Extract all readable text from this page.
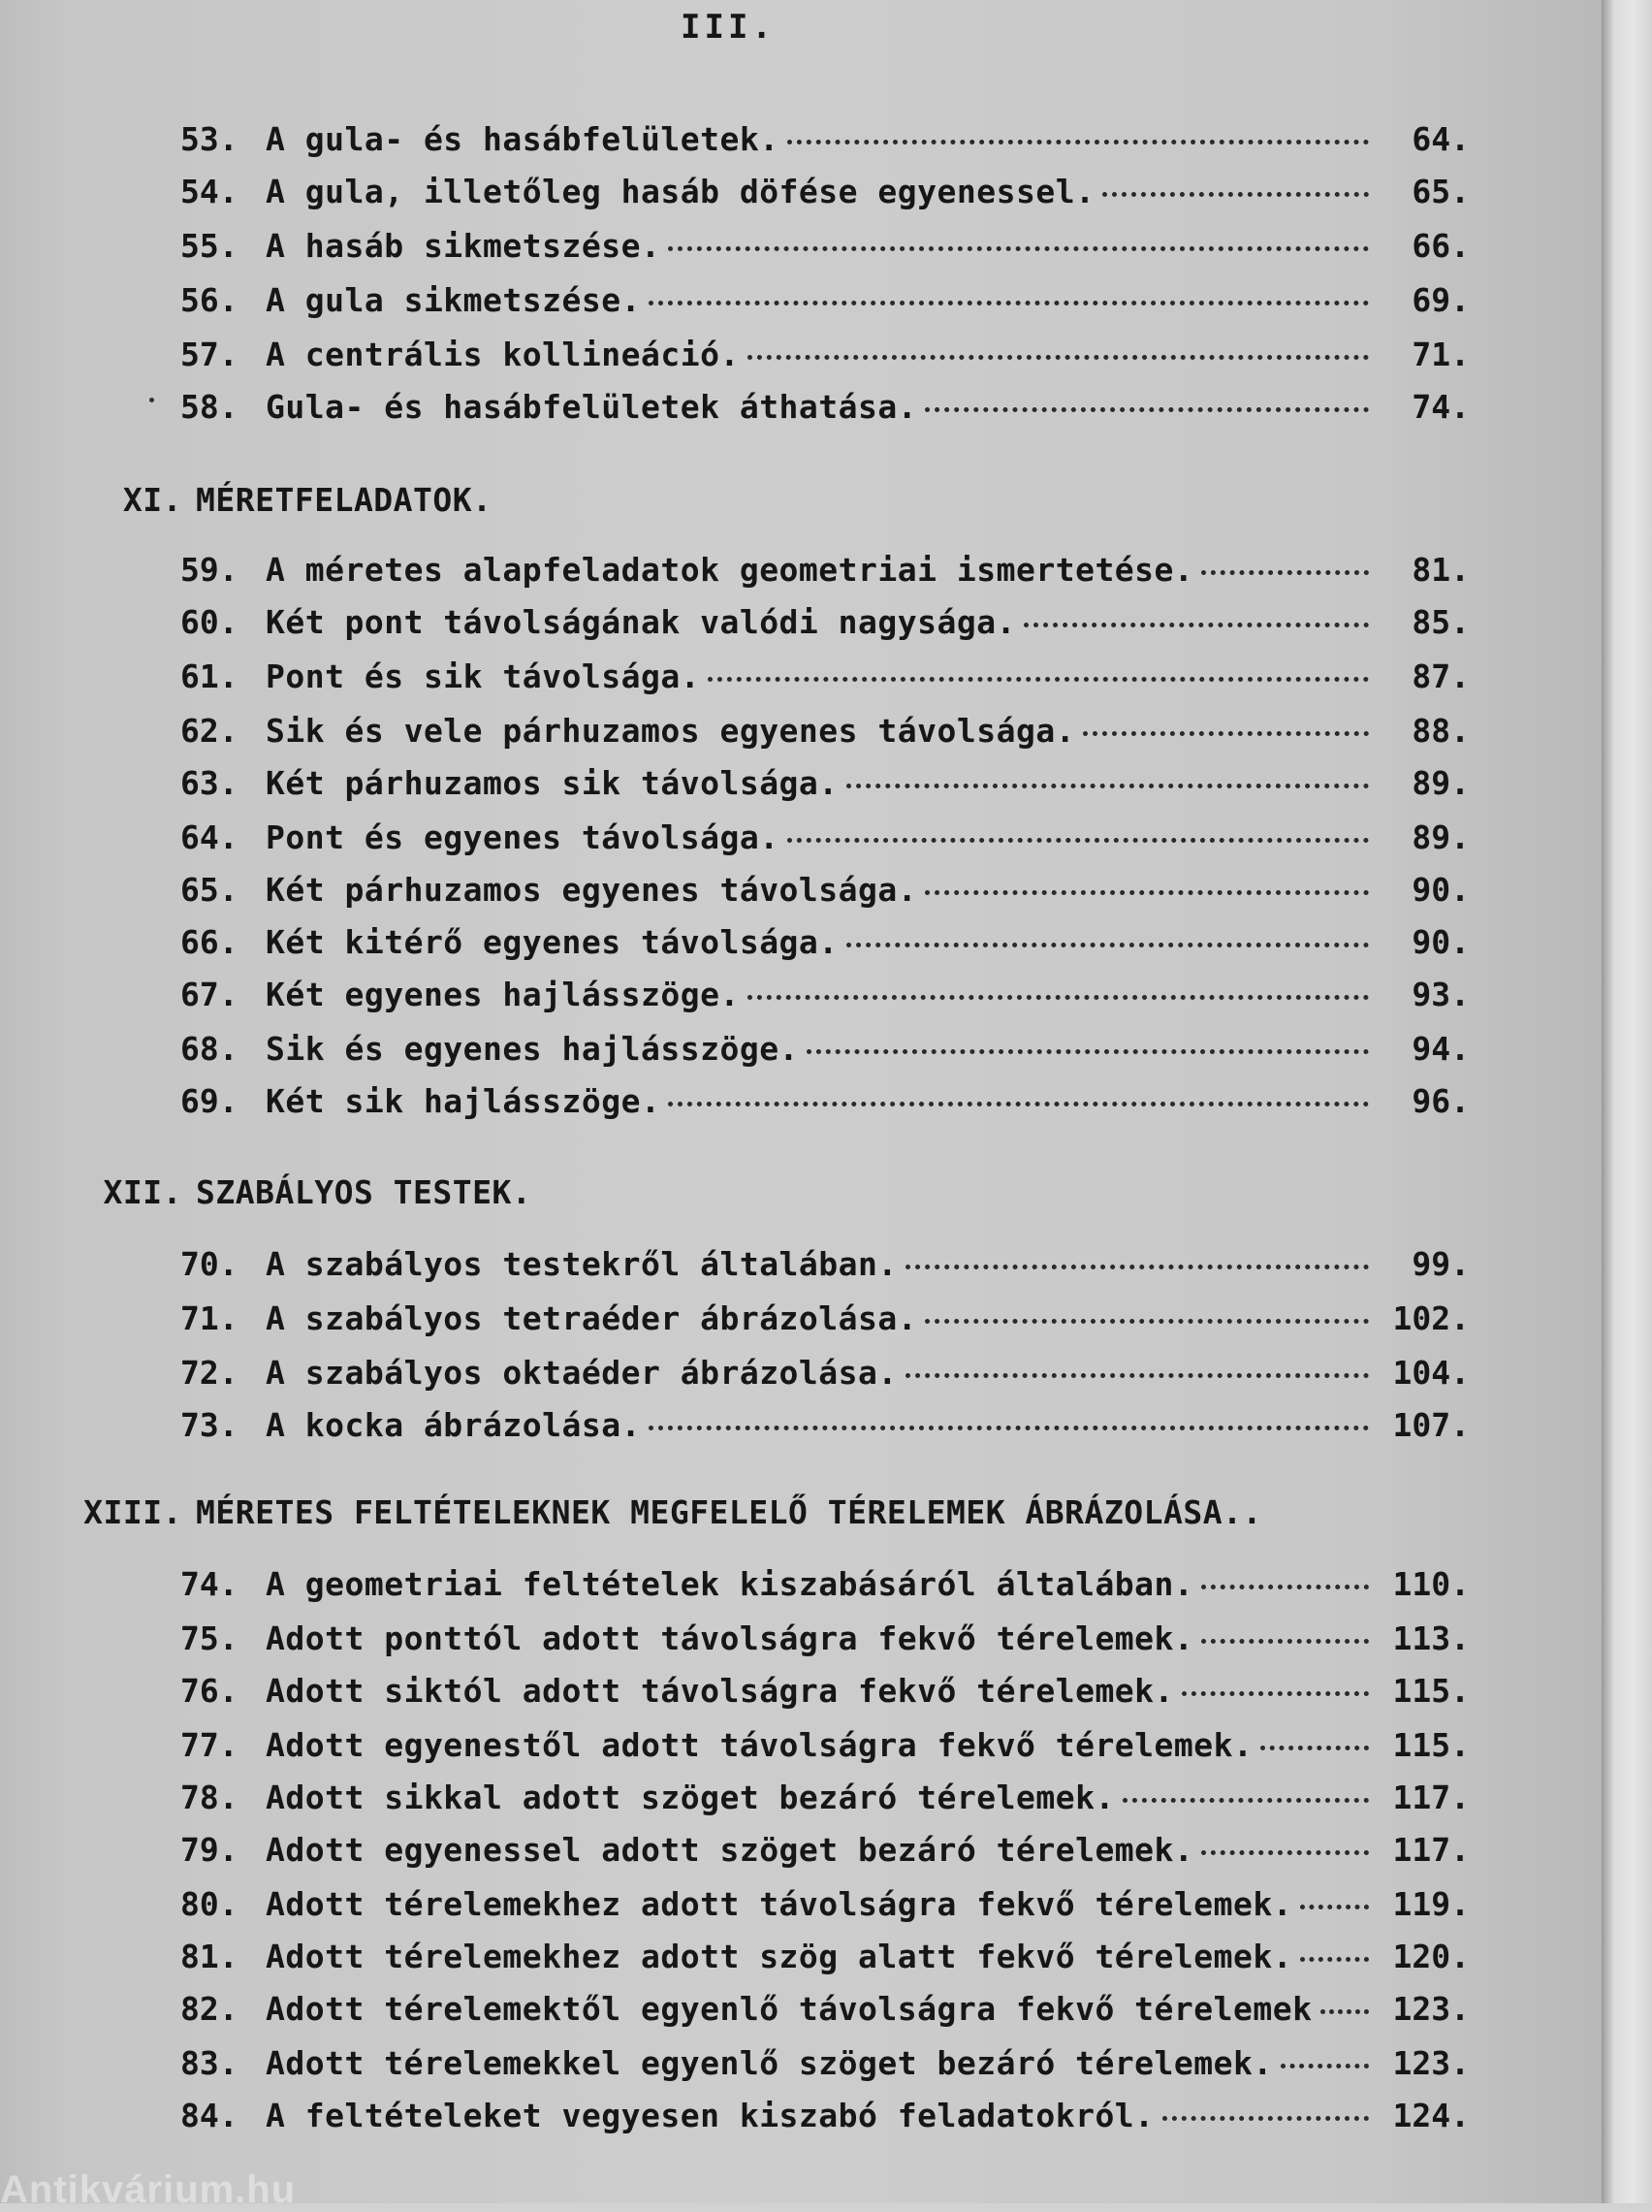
III.
53. A gula- és hasábfelületek.	64.
54. A gula, illetőleg hasáb döfése egyenessel.	65.
55. A hasáb sikmetszése.	66.
56. A gula sikmetszése.	69.
57. A centrális kollineáció.	71.
58. Gula- és hasábfelületek áthatása.	74.
XI. MÉRETFELADATOK.
59. A méretes alapfeladatok geometriai ismertetése.	81.
60. Két pont távolságának valódi nagysága.	85.
61. Pont és sik távolsága.	87.
62. Sik és vele párhuzamos egyenes távolsága.	88.
63. Két párhuzamos sik távolsága.	89.
64. Pont és egyenes távolsága.	89.
65. Két párhuzamos egyenes távolsága.	90.
66. Két kitérő egyenes távolsága.	90.
67. Két egyenes hajlásszöge.	93.
68. Sik és egyenes hajlásszöge.	94.
69. Két sik hajlásszöge.	96.
XII. SZABÁLYOS TESTEK.
70. A szabályos testekről általában.	99.
71. A szabályos tetraéder ábrázolása.	102.
72. A szabályos oktaéder ábrázolása.	104.
73. A kocka ábrázolása.	107.
XIII. MÉRETES FELTÉTELEKNEK MEGFELELŐ TÉRELEMEK ÁBRÁZOLÁSA..
74. A geometriai feltételek kiszabásáról általában.	110.
75. Adott ponttól adott távolságra fekvő térelemek.	113.
76. Adott siktól adott távolságra fekvő térelemek.	115.
77. Adott egyenestől adott távolságra fekvő térelemek.	115.
78. Adott sikkal adott szöget bezáró térelemek.	117.
79. Adott egyenessel adott szöget bezáró térelemek.	117.
80. Adott térelemekhez adott távolságra fekvő térelemek.	119.
81. Adott térelemekhez adott szög alatt fekvő térelemek.	120.
82. Adott térelemektől egyenlő távolságra fekvő térelemek	123.
83. Adott térelemekkel egyenlő szöget bezáró térelemek.	123.
84. A feltételeket vegyesen kiszabó feladatokról.	124.
Antikvárium.hu
